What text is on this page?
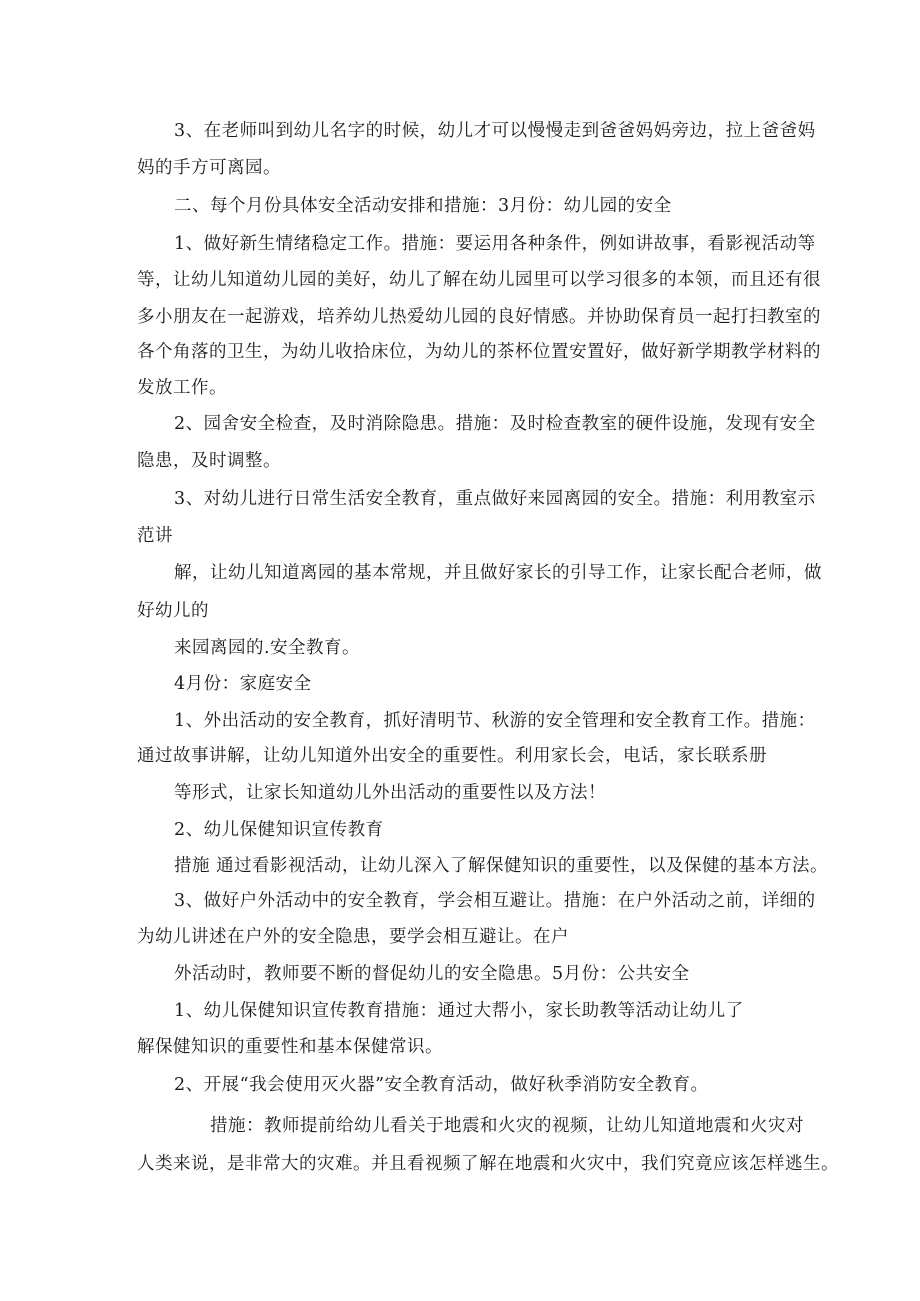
3、在老师叫到幼儿名字的时候，幼儿才可以慢慢走到爸爸妈妈旁边，拉上爸爸妈

妈的手方可离园。

二、每个月份具体安全活动安排和措施：3月份：幼儿园的安全

1、做好新生情绪稳定工作。措施：要运用各种条件，例如讲故事，看影视活动等

等，让幼儿知道幼儿园的美好，幼儿了解在幼儿园里可以学习很多的本领，而且还有很

多小朋友在一起游戏，培养幼儿热爱幼儿园的良好情感。并协助保育员一起打扫教室的

各个角落的卫生，为幼儿收拾床位，为幼儿的茶杯位置安置好，做好新学期教学材料的

发放工作。

2、园舍安全检查，及时消除隐患。措施：及时检查教室的硬件设施，发现有安全

隐患，及时调整。

3、对幼儿进行日常生活安全教育，重点做好来园离园的安全。措施：利用教室示

范讲

解，让幼儿知道离园的基本常规，并且做好家长的引导工作，让家长配合老师，做

好幼儿的

来园离园的.安全教育。

4月份：家庭安全

1、外出活动的安全教育，抓好清明节、秋游的安全管理和安全教育工作。措施：

通过故事讲解，让幼儿知道外出安全的重要性。利用家长会，电话，家长联系册

等形式，让家长知道幼儿外出活动的重要性以及方法！

2、幼儿保健知识宣传教育

措施 通过看影视活动，让幼儿深入了解保健知识的重要性，以及保健的基本方法。

3、做好户外活动中的安全教育，学会相互避让。措施：在户外活动之前，详细的

为幼儿讲述在户外的安全隐患，要学会相互避让。在户

外活动时，教师要不断的督促幼儿的安全隐患。5月份：公共安全

1、幼儿保健知识宣传教育措施：通过大帮小，家长助教等活动让幼儿了

解保健知识的重要性和基本保健常识。

2、开展“我会使用灭火器”安全教育活动，做好秋季消防安全教育。

措施：教师提前给幼儿看关于地震和火灾的视频，让幼儿知道地震和火灾对

人类来说，是非常大的灾难。并且看视频了解在地震和火灾中，我们究竟应该怎样逃生。
